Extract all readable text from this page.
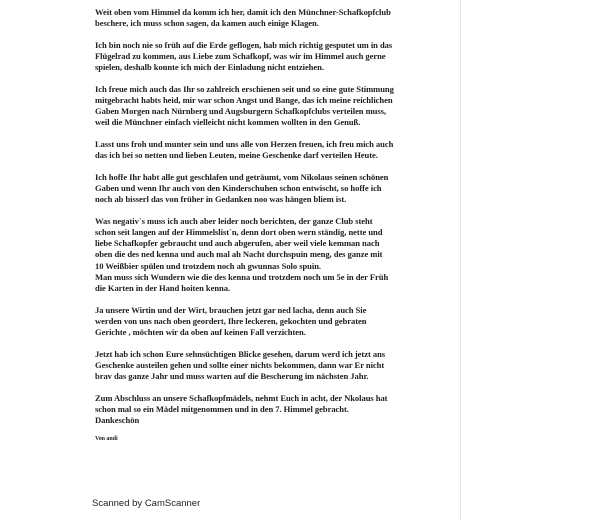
Weit oben vom Himmel da komm ich her, damit ich den Münchner-Schafkopfclub
beschere, ich muss schon sagen, da kamen auch einige Klagen.

Ich bin noch nie so früh auf die Erde geflogen, hab mich richtig gesputet um in das
Flügelrad zu kommen, aus Liebe zum Schafkopf, was wir im Himmel auch gerne
spielen, deshalb konnte ich mich der Einladung nicht entziehen.

Ich freue mich auch das Ihr so zahlreich erschienen seit und so eine gute Stimmung
mitgebracht habts heid, mir war schon Angst und Bange, das ich meine reichlichen
Gaben Morgen nach Nürnberg und Augsburgern Schafkopfclubs verteilen muss,
weil die Münchner einfach vielleicht nicht kommen wollten in den Genuß.

Lasst uns froh und munter sein und uns alle von Herzen freuen, ich freu mich auch
das ich bei so netten und lieben Leuten, meine Geschenke darf verteilen Heute.

Ich hoffe Ihr habt alle gut geschlafen und geträumt, vom Nikolaus seinen schönen
Gaben und wenn Ihr auch von den Kinderschuhen schon entwischt, so hoffe ich
noch ab bisserl das von früher in Gedanken noo was hängen bliem ist.

Was negativ`s muss ich auch aber leider noch berichten, der ganze Club steht
schon seit langen auf der Himmelslist`n, denn dort oben wern ständig, nette und
liebe Schafkopfer gebraucht und auch abgerufen, aber weil viele kemman nach
oben die des ned kenna und auch mal ah Nacht durchspuin meng, des ganze mit
10 Weißbier spülen und trotzdem noch ah gwunnas Solo spuin.
Man muss sich Wundern wie die des kenna und trotzdem noch um 5e in der Früh
die Karten in der Hand hoiten kenna.

Ja unsere Wirtin und der Wirt, brauchen jetzt gar ned lacha, denn auch Sie
werden von uns nach oben geordert, Ihre leckeren, gekochten und gebraten
Gerichte , möchten wir da oben auf keinen Fall verzichten.

Jetzt hab ich schon Eure sehnsüchtigen Blicke gesehen, darum werd ich jetzt ans
Geschenke austeilen gehen und sollte einer nichts bekommen, dann war Er nicht
brav das ganze Jahr und muss warten auf die Bescherung im nächsten Jahr.

Zum Abschluss an unsere Schafkopfmädels, nehmt Euch in acht, der Nkolaus hat
schon mal so ein Mädel mitgenommen und in den 7. Himmel gebracht.
Dankeschön

Von andi
Scanned by CamScanner
